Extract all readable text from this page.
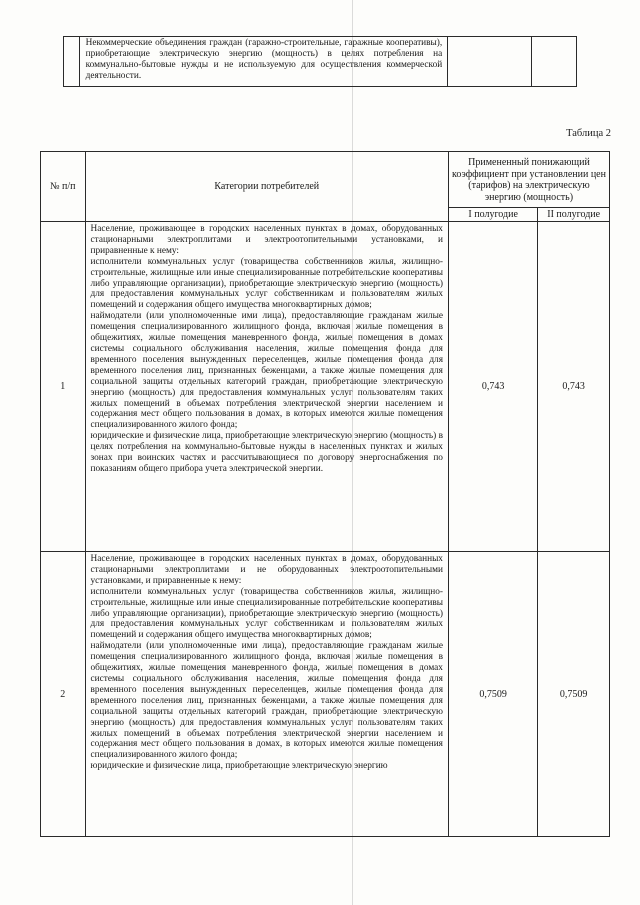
Некоммерческие объединения граждан (гаражно-строительные, гаражные кооперативы), приобретающие электрическую энергию (мощность) в целях потребления на коммунально-бытовые нужды и не используемую для осуществления коммерческой деятельности.

Таблица 2
№ п/п	Категории потребителей	Примененный понижающий коэффициент при установлении цен (тарифов) на электрическую энергию (мощность)	
		I полугодие	II полугодие
1	Население, проживающее в городских населенных пунктах в домах, оборудованных стационарными электроплитами и электроотопительными установками, и приравненные к нему:

исполнители коммунальных услуг (товарищества собственников жилья, жилищно-строительные, жилищные или иные специализированные потребительские кооперативы либо управляющие организации), приобретающие электрическую энергию (мощность) для предоставления коммунальных услуг собственникам и пользователям жилых помещений и содержания общего имущества многоквартирных домов;

наймодатели (или уполномоченные ими лица), предоставляющие гражданам жилые помещения специализированного жилищного фонда, включая жилые помещения в общежитиях, жилые помещения маневренного фонда, жилые помещения в домах системы социального обслуживания населения, жилые помещения фонда для временного поселения вынужденных переселенцев, жилые помещения фонда для временного поселения лиц, признанных беженцами, а также жилые помещения для социальной защиты отдельных категорий граждан, приобретающие электрическую энергию (мощность) для предоставления коммунальных услуг пользователям таких жилых помещений в объемах потребления электрической энергии населением и содержания мест общего пользования в домах, в которых имеются жилые помещения специализированного жилого фонда;

юридические и физические лица, приобретающие электрическую энергию (мощность) в целях потребления на коммунально-бытовые нужды в населенных пунктах и жилых зонах при воинских частях и рассчитывающиеся по договору энергоснабжения по показаниям общего прибора учета электрической энергии.	0,743	0,743
2	Население, проживающее в городских населенных пунктах в домах, оборудованных стационарными электроплитами и не оборудованных электроотопительными установками, и приравненные к нему:

исполнители коммунальных услуг (товарищества собственников жилья, жилищно-строительные, жилищные или иные специализированные потребительские кооперативы либо управляющие организации), приобретающие электрическую энергию (мощность) для предоставления коммунальных услуг собственникам и пользователям жилых помещений и содержания общего имущества многоквартирных домов;

наймодатели (или уполномоченные ими лица), предоставляющие гражданам жилые помещения специализированного жилищного фонда, включая жилые помещения в общежитиях, жилые помещения маневренного фонда, жилые помещения в домах системы социального обслуживания населения, жилые помещения фонда для временного поселения вынужденных переселенцев, жилые помещения фонда для временного поселения лиц, признанных беженцами, а также жилые помещения для социальной защиты отдельных категорий граждан, приобретающие электрическую энергию (мощность) для предоставления коммунальных услуг пользователям таких жилых помещений в объемах потребления электрической энергии населением и содержания мест общего пользования в домах, в которых имеются жилые помещения специализированного жилого фонда;

юридические и физические лица, приобретающие электрическую энергию	0,7509	0,7509
